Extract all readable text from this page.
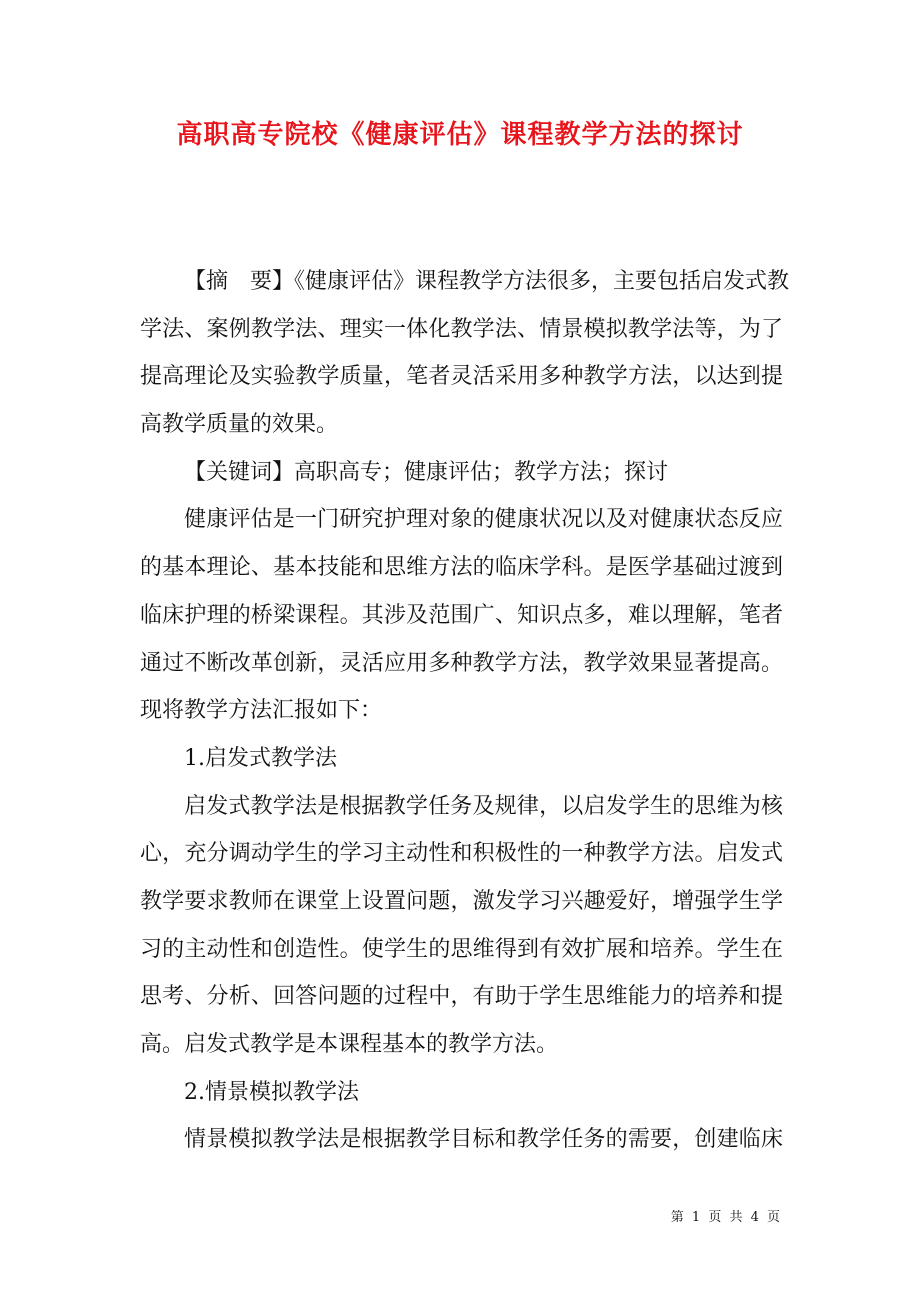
高职高专院校《健康评估》课程教学方法的探讨
【摘　要】《健康评估》课程教学方法很多，主要包括启发式教
学法、案例教学法、理实一体化教学法、情景模拟教学法等，为了
提高理论及实验教学质量，笔者灵活采用多种教学方法，以达到提
高教学质量的效果。
【关键词】高职高专；健康评估；教学方法；探讨
健康评估是一门研究护理对象的健康状况以及对健康状态反应
的基本理论、基本技能和思维方法的临床学科。是医学基础过渡到
临床护理的桥梁课程。其涉及范围广、知识点多，难以理解，笔者
通过不断改革创新，灵活应用多种教学方法，教学效果显著提高。
现将教学方法汇报如下：
1.启发式教学法
启发式教学法是根据教学任务及规律，以启发学生的思维为核
心，充分调动学生的学习主动性和积极性的一种教学方法。启发式
教学要求教师在课堂上设置问题，激发学习兴趣爱好，增强学生学
习的主动性和创造性。使学生的思维得到有效扩展和培养。学生在
思考、分析、回答问题的过程中，有助于学生思维能力的培养和提
高。启发式教学是本课程基本的教学方法。
2.情景模拟教学法
情景模拟教学法是根据教学目标和教学任务的需要，创建临床
第 1 页 共 4 页
